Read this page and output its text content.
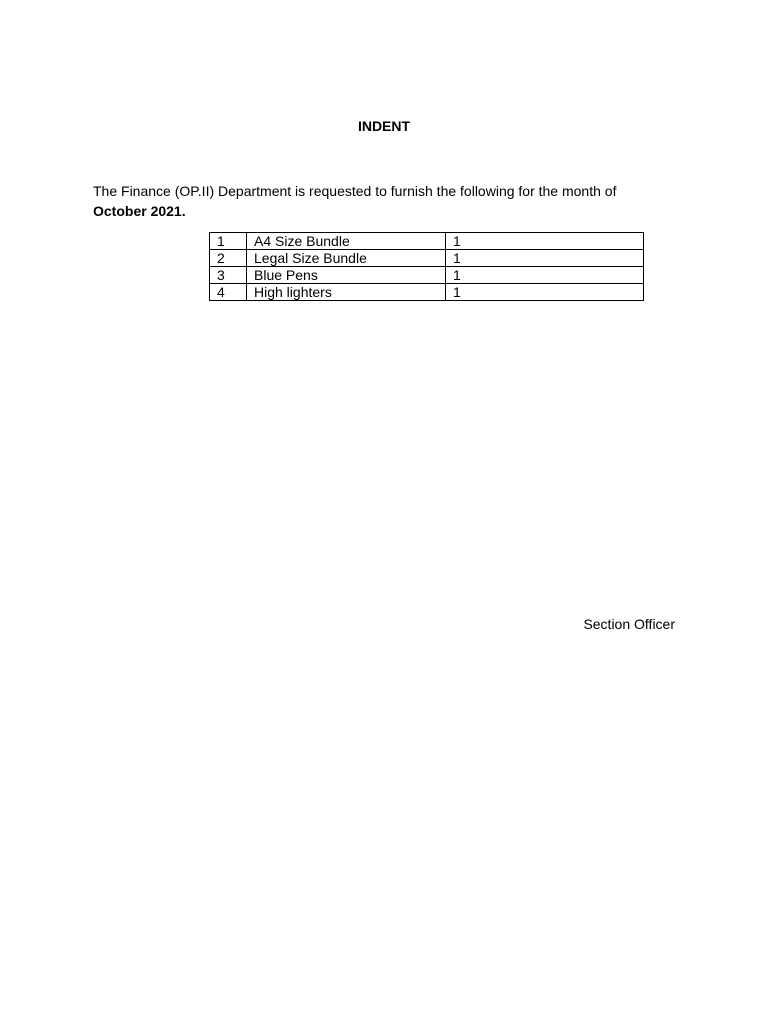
INDENT
The Finance (OP.II) Department is requested to furnish the following for the month of
October 2021.
1	A4 Size Bundle	1
2	Legal Size Bundle	1
3	Blue Pens	1
4	High lighters	1
Section Officer
